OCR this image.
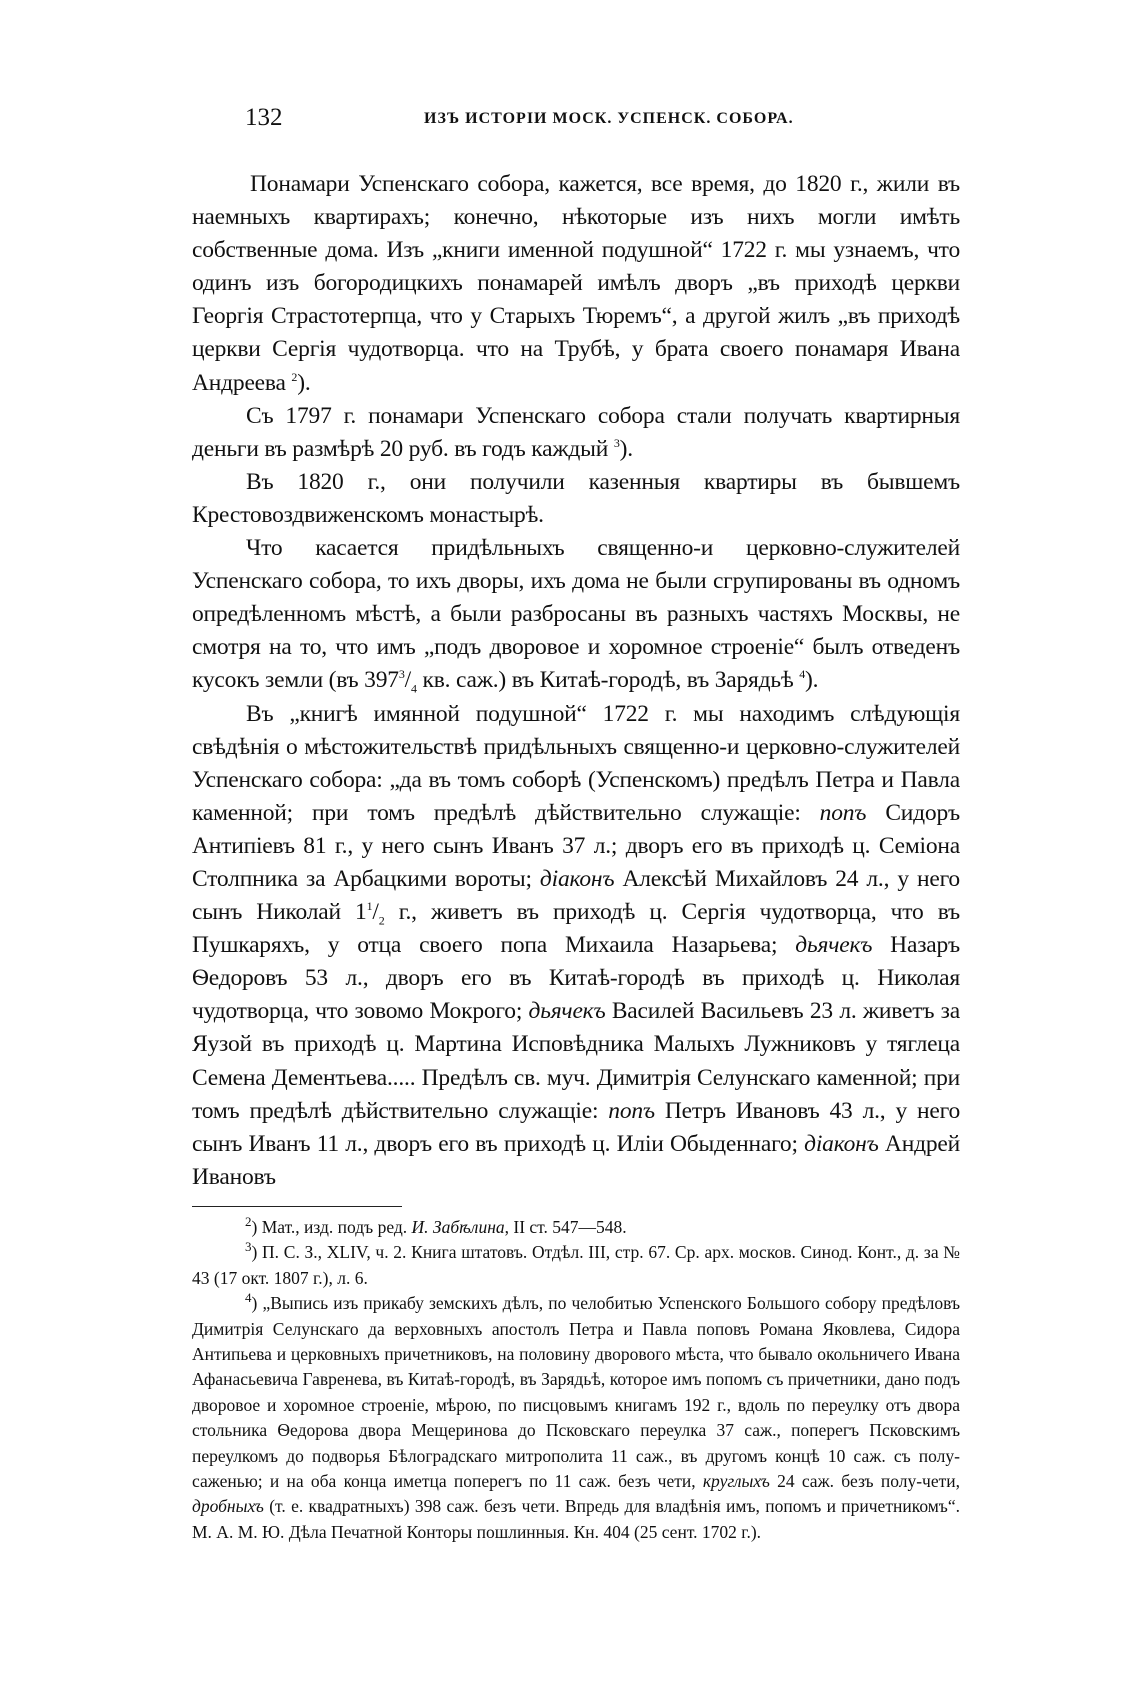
132	ИЗЪ ИСТОРІИ МОСК. УСПЕНСК. СОБОРА.

Понамари Успенскаго собора, кажется, все время, до 1820 г., жили въ наемныхъ квартирахъ; конечно, нѣкоторые изъ нихъ могли имѣть собственные дома. Изъ „книги именной подушной“ 1722 г. мы узнаемъ, что одинъ изъ богородицкихъ понамарей имѣлъ дворъ „въ приходѣ церкви Георгія Страстотерпца, что у Старыхъ Тюремъ“, а другой жилъ „въ приходѣ церкви Сергія чудотворца. что на Трубѣ, у брата своего понамаря Ивана Андреева $^2$).

Съ 1797 г. понамари Успенскаго собора стали получать квартирныя деньги въ размѣрѣ 20 руб. въ годъ каждый $^3$).

Въ 1820 г., они получили казенныя квартиры въ бывшемъ Крестовоздвиженскомъ монастырѣ.

Что касается придѣльныхъ священно-и церковно-служителей Успенскаго собора, то ихъ дворы, ихъ дома не были сгрупированы въ одномъ опредѣленномъ мѣстѣ, а были разбросаны въ разныхъ частяхъ Москвы, не смотря на то, что имъ „подъ дворовое и хоромное строеніе“ былъ отведенъ кусокъ земли (въ $397^3/_4$ кв. саж.) въ Китаѣ-городѣ, въ Зарядьѣ $^4$).

Въ „книгѣ имянной подушной“ 1722 г. мы находимъ слѣдующія свѣдѣнія о мѣстожительствѣ придѣльныхъ священно-и церковно-служителей Успенскаго собора: „да въ томъ соборѣ (Успенскомъ) предѣлъ Петра и Павла каменной; при томъ предѣлѣ дѣйствительно служащіе: попъ Сидоръ Антипіевъ 81 г., у него сынъ Иванъ 37 л.; дворъ его въ приходѣ ц. Семіона Столпника за Арбацкими вороты; діаконъ Алексѣй Михайловъ 24 л., у него сынъ Николай $1^1/_2$ г., живетъ въ приходѣ ц. Сергія чудотворца, что въ Пушкаряхъ, у отца своего попа Михаила Назарьева; дьячекъ Назаръ Ѳедоровъ 53 л., дворъ его въ Китаѣ-городѣ въ приходѣ ц. Николая чудотворца, что зовомо Мокрого; дьячекъ Василей Васильевъ 23 л. живетъ за Яузой въ приходѣ ц. Мартина Исповѣдника Малыхъ Лужниковъ у тяглеца Семена Дементьева..... Предѣлъ св. муч. Димитрія Селунскаго каменной; при томъ предѣлѣ дѣйствительно служащіе: попъ Петръ Ивановъ 43 л., у него сынъ Иванъ 11 л., дворъ его въ приходѣ ц. Иліи Обыденнаго; діаконъ Андрей Ивановъ

$^2$) Мат., изд. подъ ред. И. Забѣлина, II ст. 547—548.

$^3$) П. С. З., XLIV, ч. 2. Книга штатовъ. Отдѣл. III, стр. 67. Ср. арх. москов. Синод. Конт., д. за № 43 (17 окт. 1807 г.), л. 6.

$^4$) „Выпись изъ прикабу земскихъ дѣлъ, по челобитью Успенского Большого собору предѣловъ Димитрія Селунскаго да верховныхъ апостолъ Петра и Павла поповъ Романа Яковлева, Сидора Антипьева и церковныхъ причетниковъ, на половину дворового мѣста, что бывало окольничего Ивана Афанасьевича Гавренева, въ Китаѣ-городѣ, въ Зарядьѣ, которое имъ попомъ съ причетники, дано подъ дворовое и хоромное строеніе, мѣрою, по писцовымъ книгамъ 192 г., вдоль по переулку отъ двора стольника Ѳедорова двора Мещеринова до Псковскаго переулка 37 саж., поперегъ Псковскимъ переулкомъ до подворья Бѣлоградскаго митрополита 11 саж., въ другомъ концѣ 10 саж. съ полу-саженью; и на оба конца иметца поперегъ по 11 саж. безъ чети, круглыхъ 24 саж. безъ полу-чети, дробныхъ (т. е. квадратныхъ) 398 саж. безъ чети. Впредь для владѣнія имъ, попомъ и причетникомъ“. М. А. М. Ю. Дѣла Печатной Конторы пошлинныя. Кн. 404 (25 сент. 1702 г.).
